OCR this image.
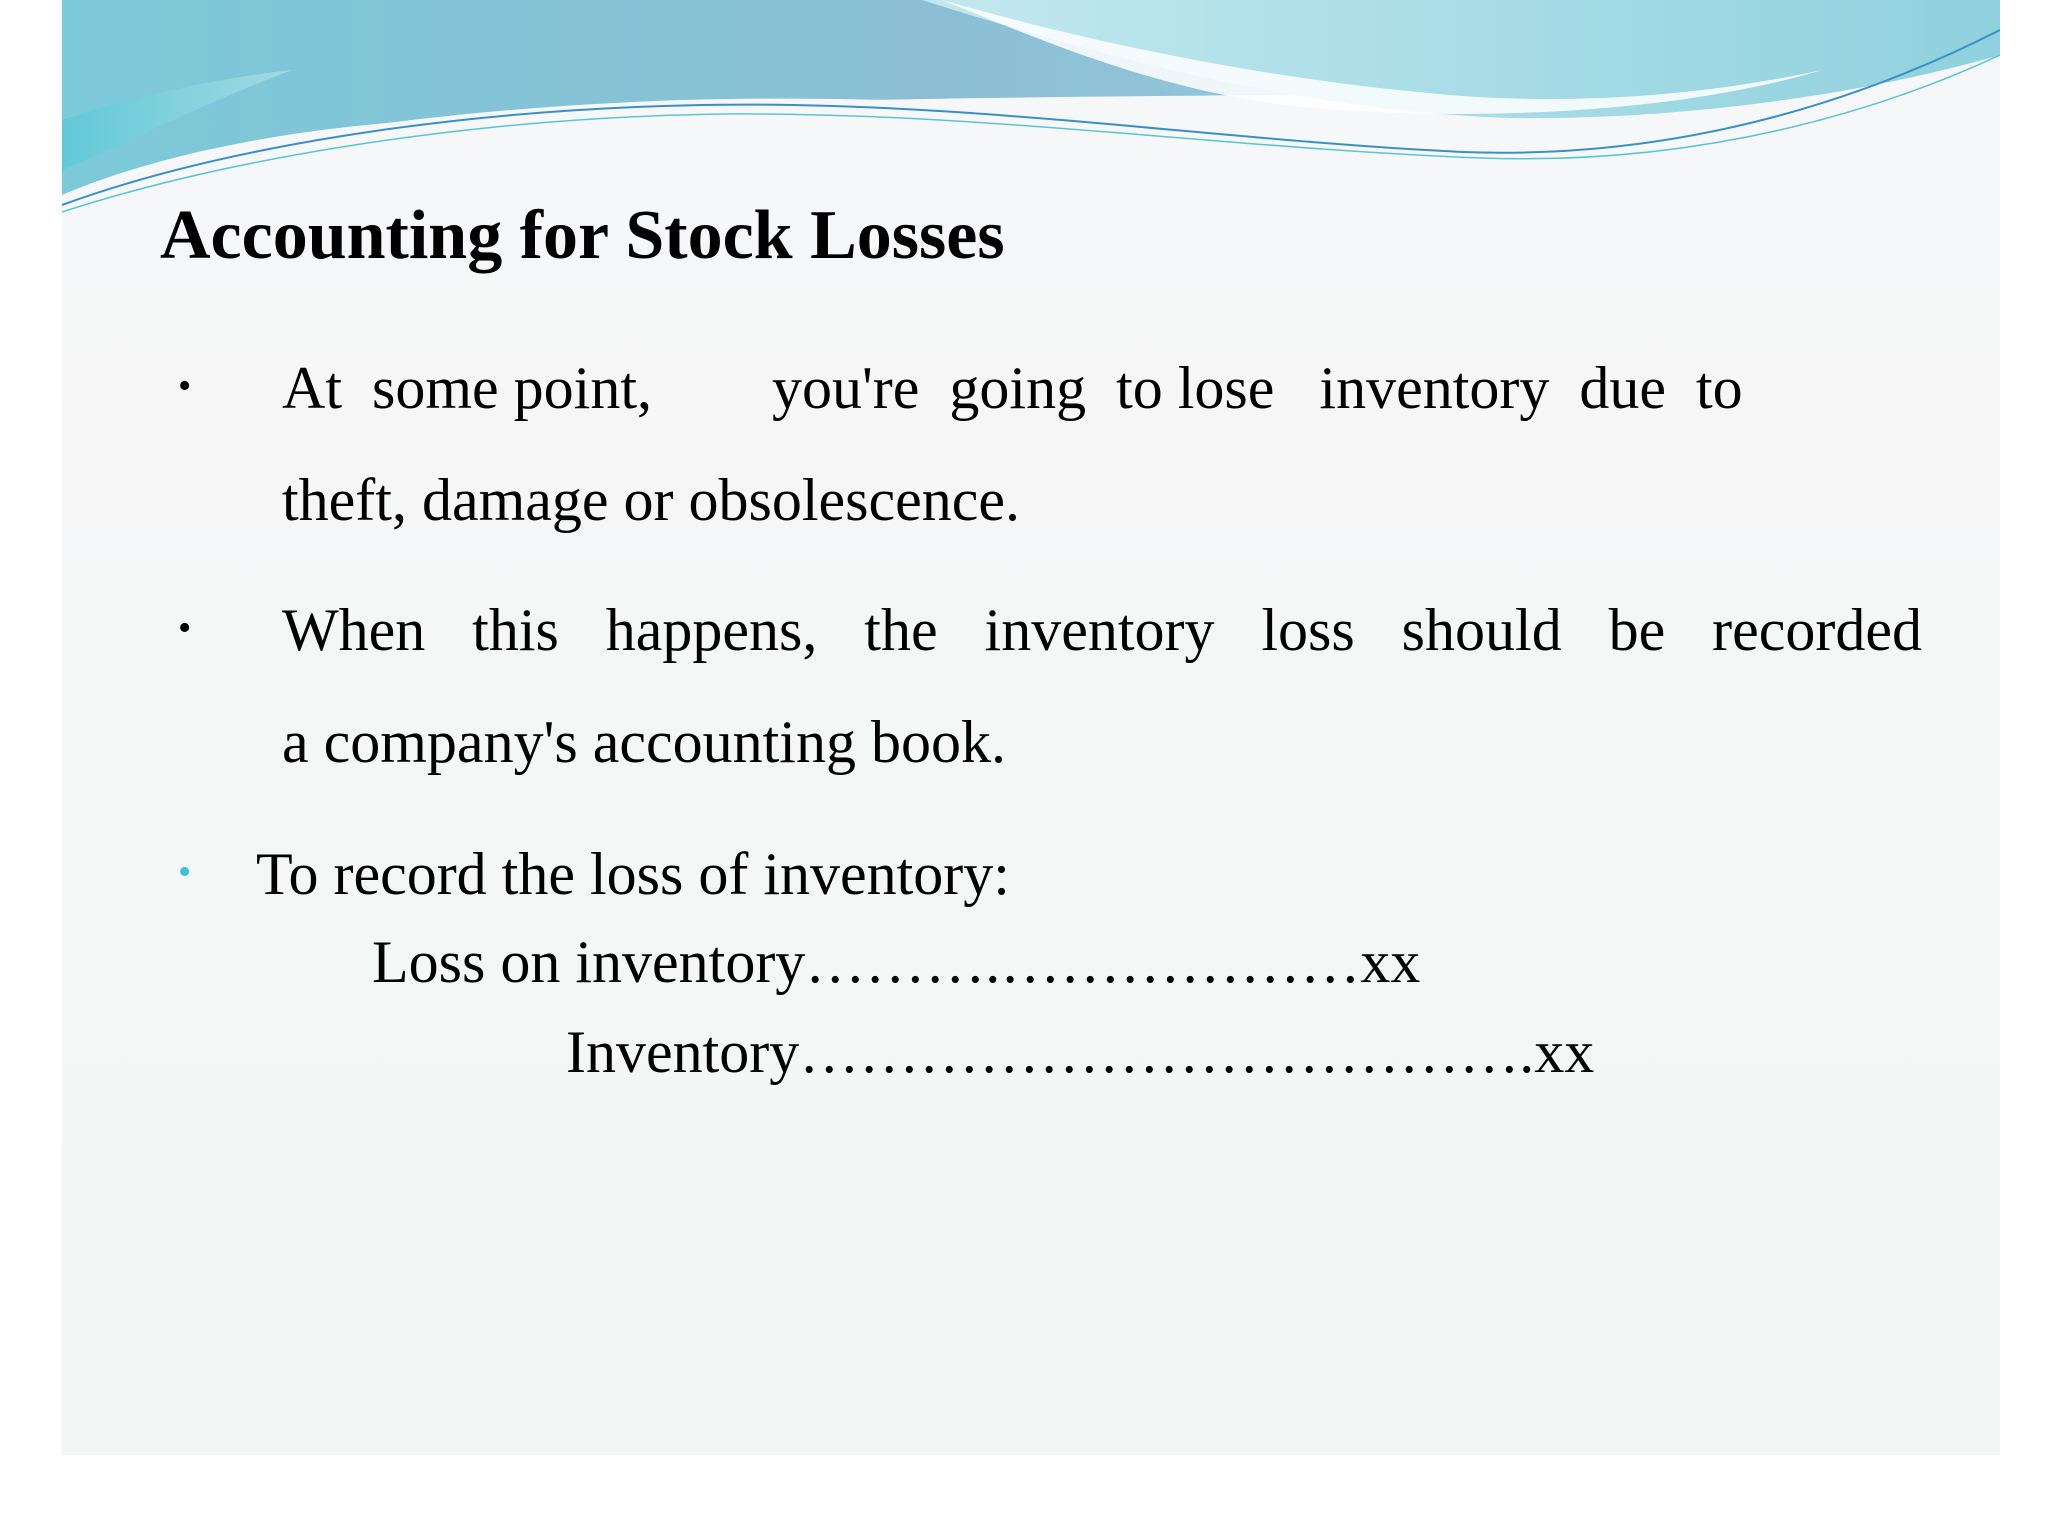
Accounting for Stock Losses
• At  some point,        you're  going  to lose   inventory  due  to
theft, damage or obsolescence.
• When this happens, the inventory loss should be recorded
a company's accounting book.
• To record the loss of inventory:
Loss on inventory……….………………xx
Inventory……………………………….xx
